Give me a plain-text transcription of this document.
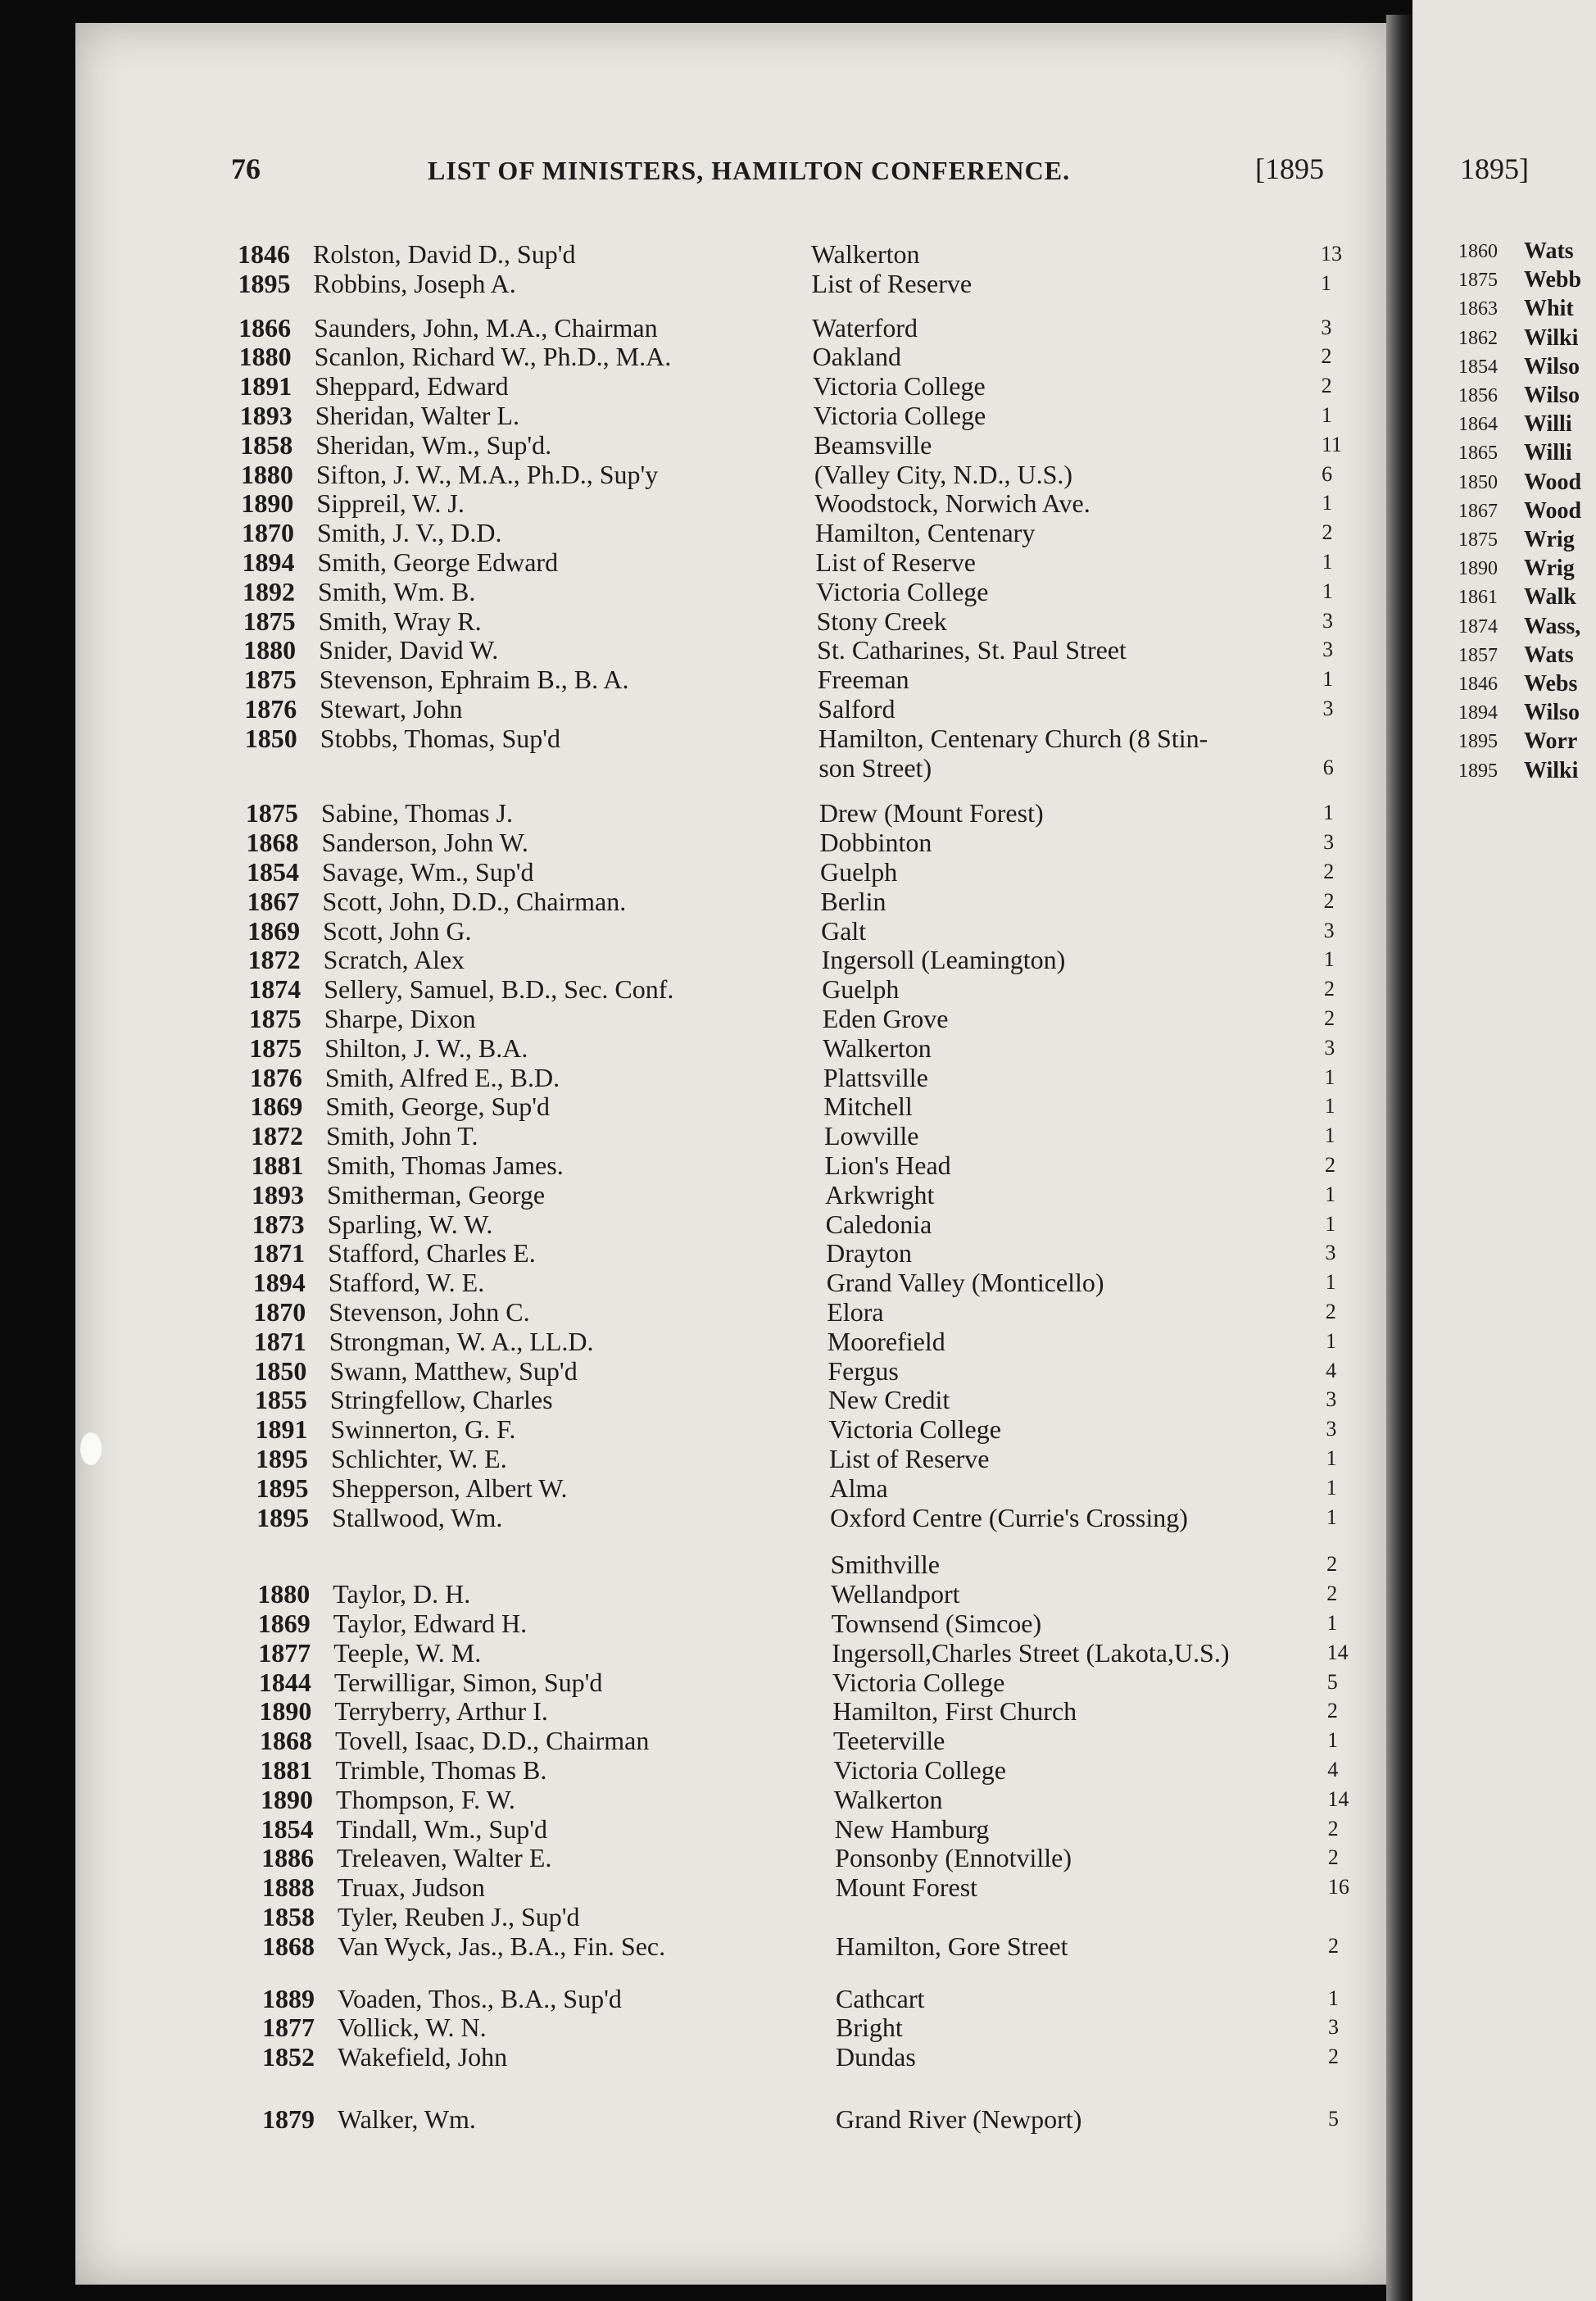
76	LIST OF MINISTERS, HAMILTON CONFERENCE.	[1895	1895]
1846 Rolston, David D., Sup'd	Walkerton	13
1895 Robbins, Joseph A.	List of Reserve	1
1866 Saunders, John, M.A., Chairman	Waterford	3
1880 Scanlon, Richard W., Ph.D., M.A.	Oakland	2
1891 Sheppard, Edward	Victoria College	2
1893 Sheridan, Walter L.	Victoria College	1
1858 Sheridan, Wm., Sup'd.	Beamsville	11
1880 Sifton, J. W., M.A., Ph.D., Sup'y	(Valley City, N.D., U.S.)	6
1890 Sippreil, W. J.	Woodstock, Norwich Ave.	1
1870 Smith, J. V., D.D.	Hamilton, Centenary	2
1894 Smith, George Edward	List of Reserve	1
1892 Smith, Wm. B.	Victoria College	1
1875 Smith, Wray R.	Stony Creek	3
1880 Snider, David W.	St. Catharines, St. Paul Street	3
1875 Stevenson, Ephraim B., B. A.	Freeman	1
1876 Stewart, John	Salford	3
1850 Stobbs, Thomas, Sup'd	Hamilton, Centenary Church (8 Stin-
son Street)	6
1875 Sabine, Thomas J.	Drew (Mount Forest)	1
1868 Sanderson, John W.	Dobbinton	3
1854 Savage, Wm., Sup'd	Guelph	2
1867 Scott, John, D.D., Chairman.	Berlin	2
1869 Scott, John G.	Galt	3
1872 Scratch, Alex	Ingersoll (Leamington)	1
1874 Sellery, Samuel, B.D., Sec. Conf.	Guelph	2
1875 Sharpe, Dixon	Eden Grove	2
1875 Shilton, J. W., B.A.	Walkerton	3
1876 Smith, Alfred E., B.D.	Plattsville	1
1869 Smith, George, Sup'd	Mitchell	1
1872 Smith, John T.	Lowville	1
1881 Smith, Thomas James.	Lion's Head	2
1893 Smitherman, George	Arkwright	1
1873 Sparling, W. W.	Caledonia	1
1871 Stafford, Charles E.	Drayton	3
1894 Stafford, W. E.	Grand Valley (Monticello)	1
1870 Stevenson, John C.	Elora	2
1871 Strongman, W. A., LL.D.	Moorefield	1
1850 Swann, Matthew, Sup'd	Fergus	4
1855 Stringfellow, Charles	New Credit	3
1891 Swinnerton, G. F.	Victoria College	3
1895 Schlichter, W. E.	List of Reserve	1
1895 Shepperson, Albert W.	Alma	1
1895 Stallwood, Wm.	Oxford Centre (Currie's Crossing)	1
Smithville	2
1880 Taylor, D. H.	Wellandport	2
1869 Taylor, Edward H.	Townsend (Simcoe)	1
1877 Teeple, W. M.	Ingersoll,Charles Street (Lakota,U.S.)	14
1844 Terwilligar, Simon, Sup'd	Victoria College	5
1890 Terryberry, Arthur I.	Hamilton, First Church	2
1868 Tovell, Isaac, D.D., Chairman	Teeterville	1
1881 Trimble, Thomas B.	Victoria College	4
1890 Thompson, F. W.	Walkerton	14
1854 Tindall, Wm., Sup'd	New Hamburg	2
1886 Treleaven, Walter E.	Ponsonby (Ennotville)	2
1888 Truax, Judson	Mount Forest	16
1858 Tyler, Reuben J., Sup'd
1868 Van Wyck, Jas., B.A., Fin. Sec.	Hamilton, Gore Street	2
1889 Voaden, Thos., B.A., Sup'd	Cathcart	1
1877 Vollick, W. N.	Bright	3
1852 Wakefield, John	Dundas	2
1879 Walker, Wm.	Grand River (Newport)	5
1860 Wats
1875 Webb
1863 Whit
1862 Wilki
1854 Wilso
1856 Wilso
1864 Willi
1865 Willi
1850 Wood
1867 Wood
1875 Wrig
1890 Wrig
1861 Walk
1874 Wass,
1857 Wats
1846 Webs
1894 Wilso
1895 Worr
1895 Wilki
